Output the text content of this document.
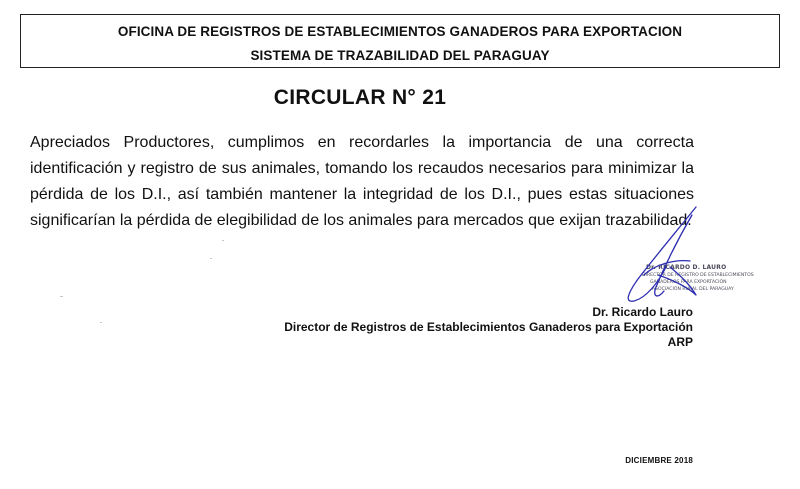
OFICINA DE REGISTROS DE ESTABLECIMIENTOS GANADEROS PARA EXPORTACION
SISTEMA DE TRAZABILIDAD DEL PARAGUAY
CIRCULAR N° 21
Apreciados Productores, cumplimos en recordarles la importancia de una correcta identificación y registro de sus animales, tomando los recaudos necesarios para minimizar la pérdida de los D.I., así también mantener la integridad de los D.I., pues estas situaciones significarían la pérdida de elegibilidad de los animales para mercados que exijan trazabilidad.
Dr. RICARDO D. LAURO
DIRECTOR DE REGISTRO DE ESTABLECIMIENTOS
GANADEROS PARA EXPORTACIÓN
ASOCIACIÓN RURAL DEL PARAGUAY
Dr. Ricardo Lauro
Director de Registros de Establecimientos Ganaderos para Exportación
ARP
DICIEMBRE 2018
